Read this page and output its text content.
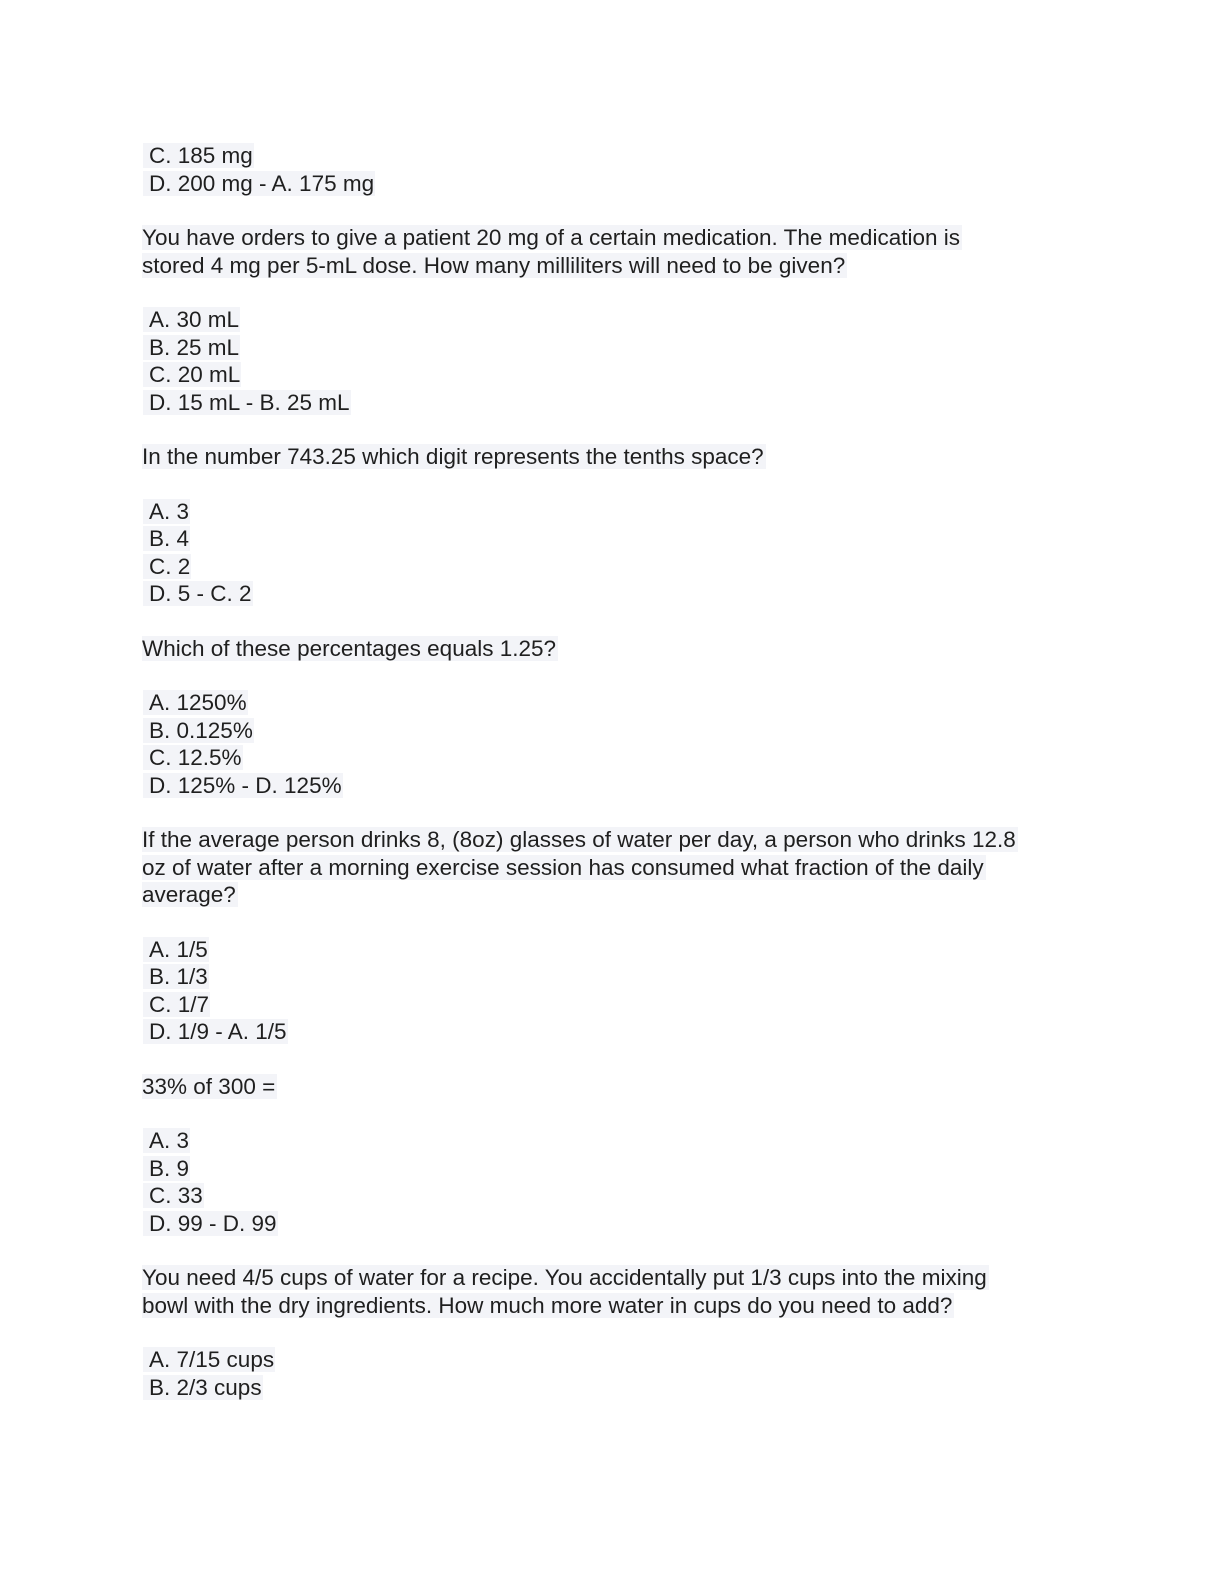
C. 185 mg
D. 200 mg - A. 175 mg
You have orders to give a patient 20 mg of a certain medication. The medication is
stored 4 mg per 5-mL dose. How many milliliters will need to be given?
A. 30 mL
B. 25 mL
C. 20 mL
D. 15 mL - B. 25 mL
In the number 743.25 which digit represents the tenths space?
A. 3
B. 4
C. 2
D. 5 - C. 2
Which of these percentages equals 1.25?
A. 1250%
B. 0.125%
C. 12.5%
D. 125% - D. 125%
If the average person drinks 8, (8oz) glasses of water per day, a person who drinks 12.8
oz of water after a morning exercise session has consumed what fraction of the daily
average?
A. 1/5
B. 1/3
C. 1/7
D. 1/9 - A. 1/5
33% of 300 =
A. 3
B. 9
C. 33
D. 99 - D. 99
You need 4/5 cups of water for a recipe. You accidentally put 1/3 cups into the mixing
bowl with the dry ingredients. How much more water in cups do you need to add?
A. 7/15 cups
B. 2/3 cups
